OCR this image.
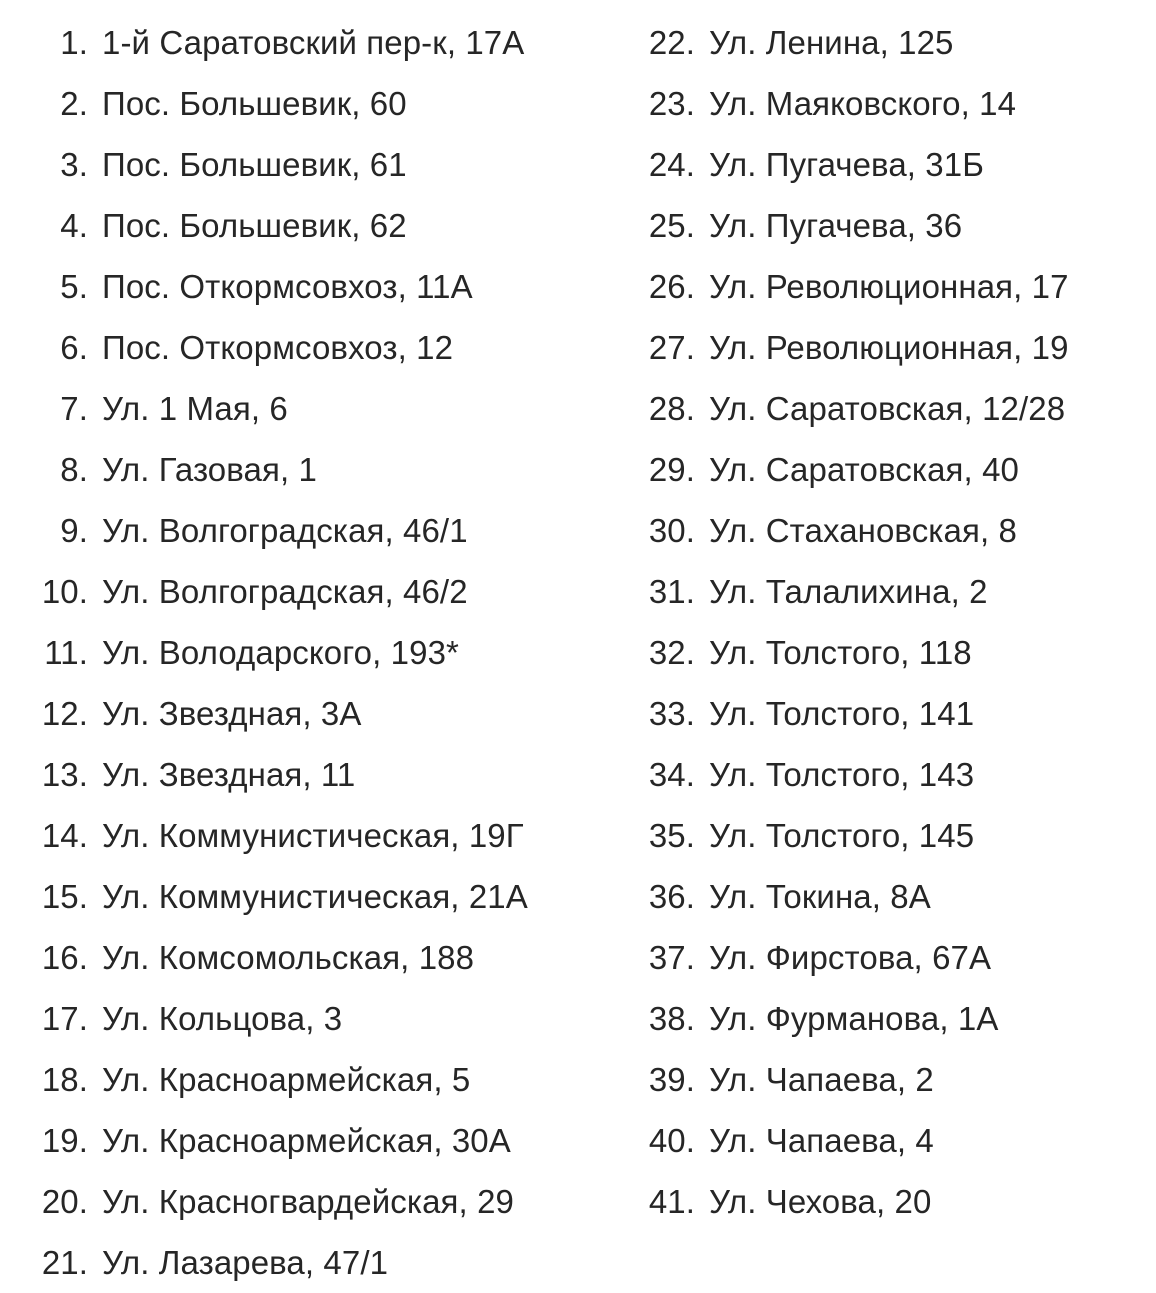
1. 1-й Саратовский пер-к, 17А
2. Пос. Большевик, 60
3. Пос. Большевик, 61
4. Пос. Большевик, 62
5. Пос. Откормсовхоз, 11А
6. Пос. Откормсовхоз, 12
7. Ул. 1 Мая, 6
8. Ул. Газовая, 1
9. Ул. Волгоградская, 46/1
10. Ул. Волгоградская, 46/2
11. Ул. Володарского, 193*
12. Ул. Звездная, 3А
13. Ул. Звездная, 11
14. Ул. Коммунистическая, 19Г
15. Ул. Коммунистическая, 21А
16. Ул. Комсомольская, 188
17. Ул. Кольцова, 3
18. Ул. Красноармейская, 5
19. Ул. Красноармейская, 30А
20. Ул. Красногвардейская, 29
21. Ул. Лазарева, 47/1
22. Ул. Ленина, 125
23. Ул. Маяковского, 14
24. Ул. Пугачева, 31Б
25. Ул. Пугачева, 36
26. Ул. Революционная, 17
27. Ул. Революционная, 19
28. Ул. Саратовская, 12/28
29. Ул. Саратовская, 40
30. Ул. Стахановская, 8
31. Ул. Талалихина, 2
32. Ул. Толстого, 118
33. Ул. Толстого, 141
34. Ул. Толстого, 143
35. Ул. Толстого, 145
36. Ул. Токина, 8А
37. Ул. Фирстова, 67А
38. Ул. Фурманова, 1А
39. Ул. Чапаева, 2
40. Ул. Чапаева, 4
41. Ул. Чехова, 20
